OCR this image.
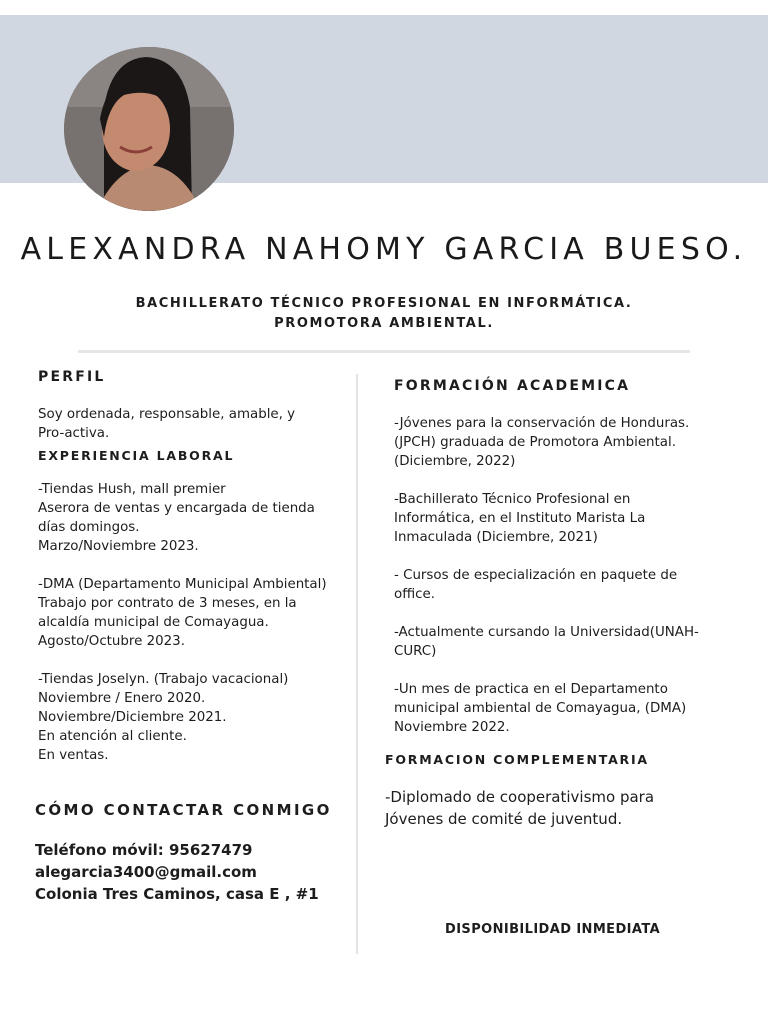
ALEXANDRA NAHOMY GARCIA BUESO.
BACHILLERATO TÉCNICO PROFESIONAL EN INFORMÁTICA.
PROMOTORA AMBIENTAL.
PERFIL

Soy ordenada, responsable, amable, y

Pro-activa.

EXPERIENCIA LABORAL

-Tiendas Hush, mall premier

Aserora de ventas y encargada de tienda

días domingos.

Marzo/Noviembre 2023.

-DMA (Departamento Municipal Ambiental)

Trabajo por contrato de 3 meses, en la

alcaldía municipal de Comayagua.

Agosto/Octubre 2023.

-Tiendas Joselyn. (Trabajo vacacional)

Noviembre / Enero 2020.

Noviembre/Diciembre 2021.

En atención al cliente.

En ventas.

CÓMO CONTACTAR CONMIGO

Teléfono móvil: 95627479

alegarcia3400@gmail.com

Colonia Tres Caminos, casa E , #1

FORMACIÓN ACADEMICA

-Jóvenes para la conservación de Honduras.

(JPCH) graduada de Promotora Ambiental.

(Diciembre, 2022)

-Bachillerato Técnico Profesional en

Informática, en el Instituto Marista La

Inmaculada (Diciembre, 2021)

- Cursos de especialización en paquete de

office.

-Actualmente cursando la Universidad(UNAH-

CURC)

-Un mes de practica en el Departamento

municipal ambiental de Comayagua, (DMA)

Noviembre 2022.

FORMACION COMPLEMENTARIA

-Diplomado de cooperativismo para

Jóvenes de comité de juventud.

DISPONIBILIDAD INMEDIATA
